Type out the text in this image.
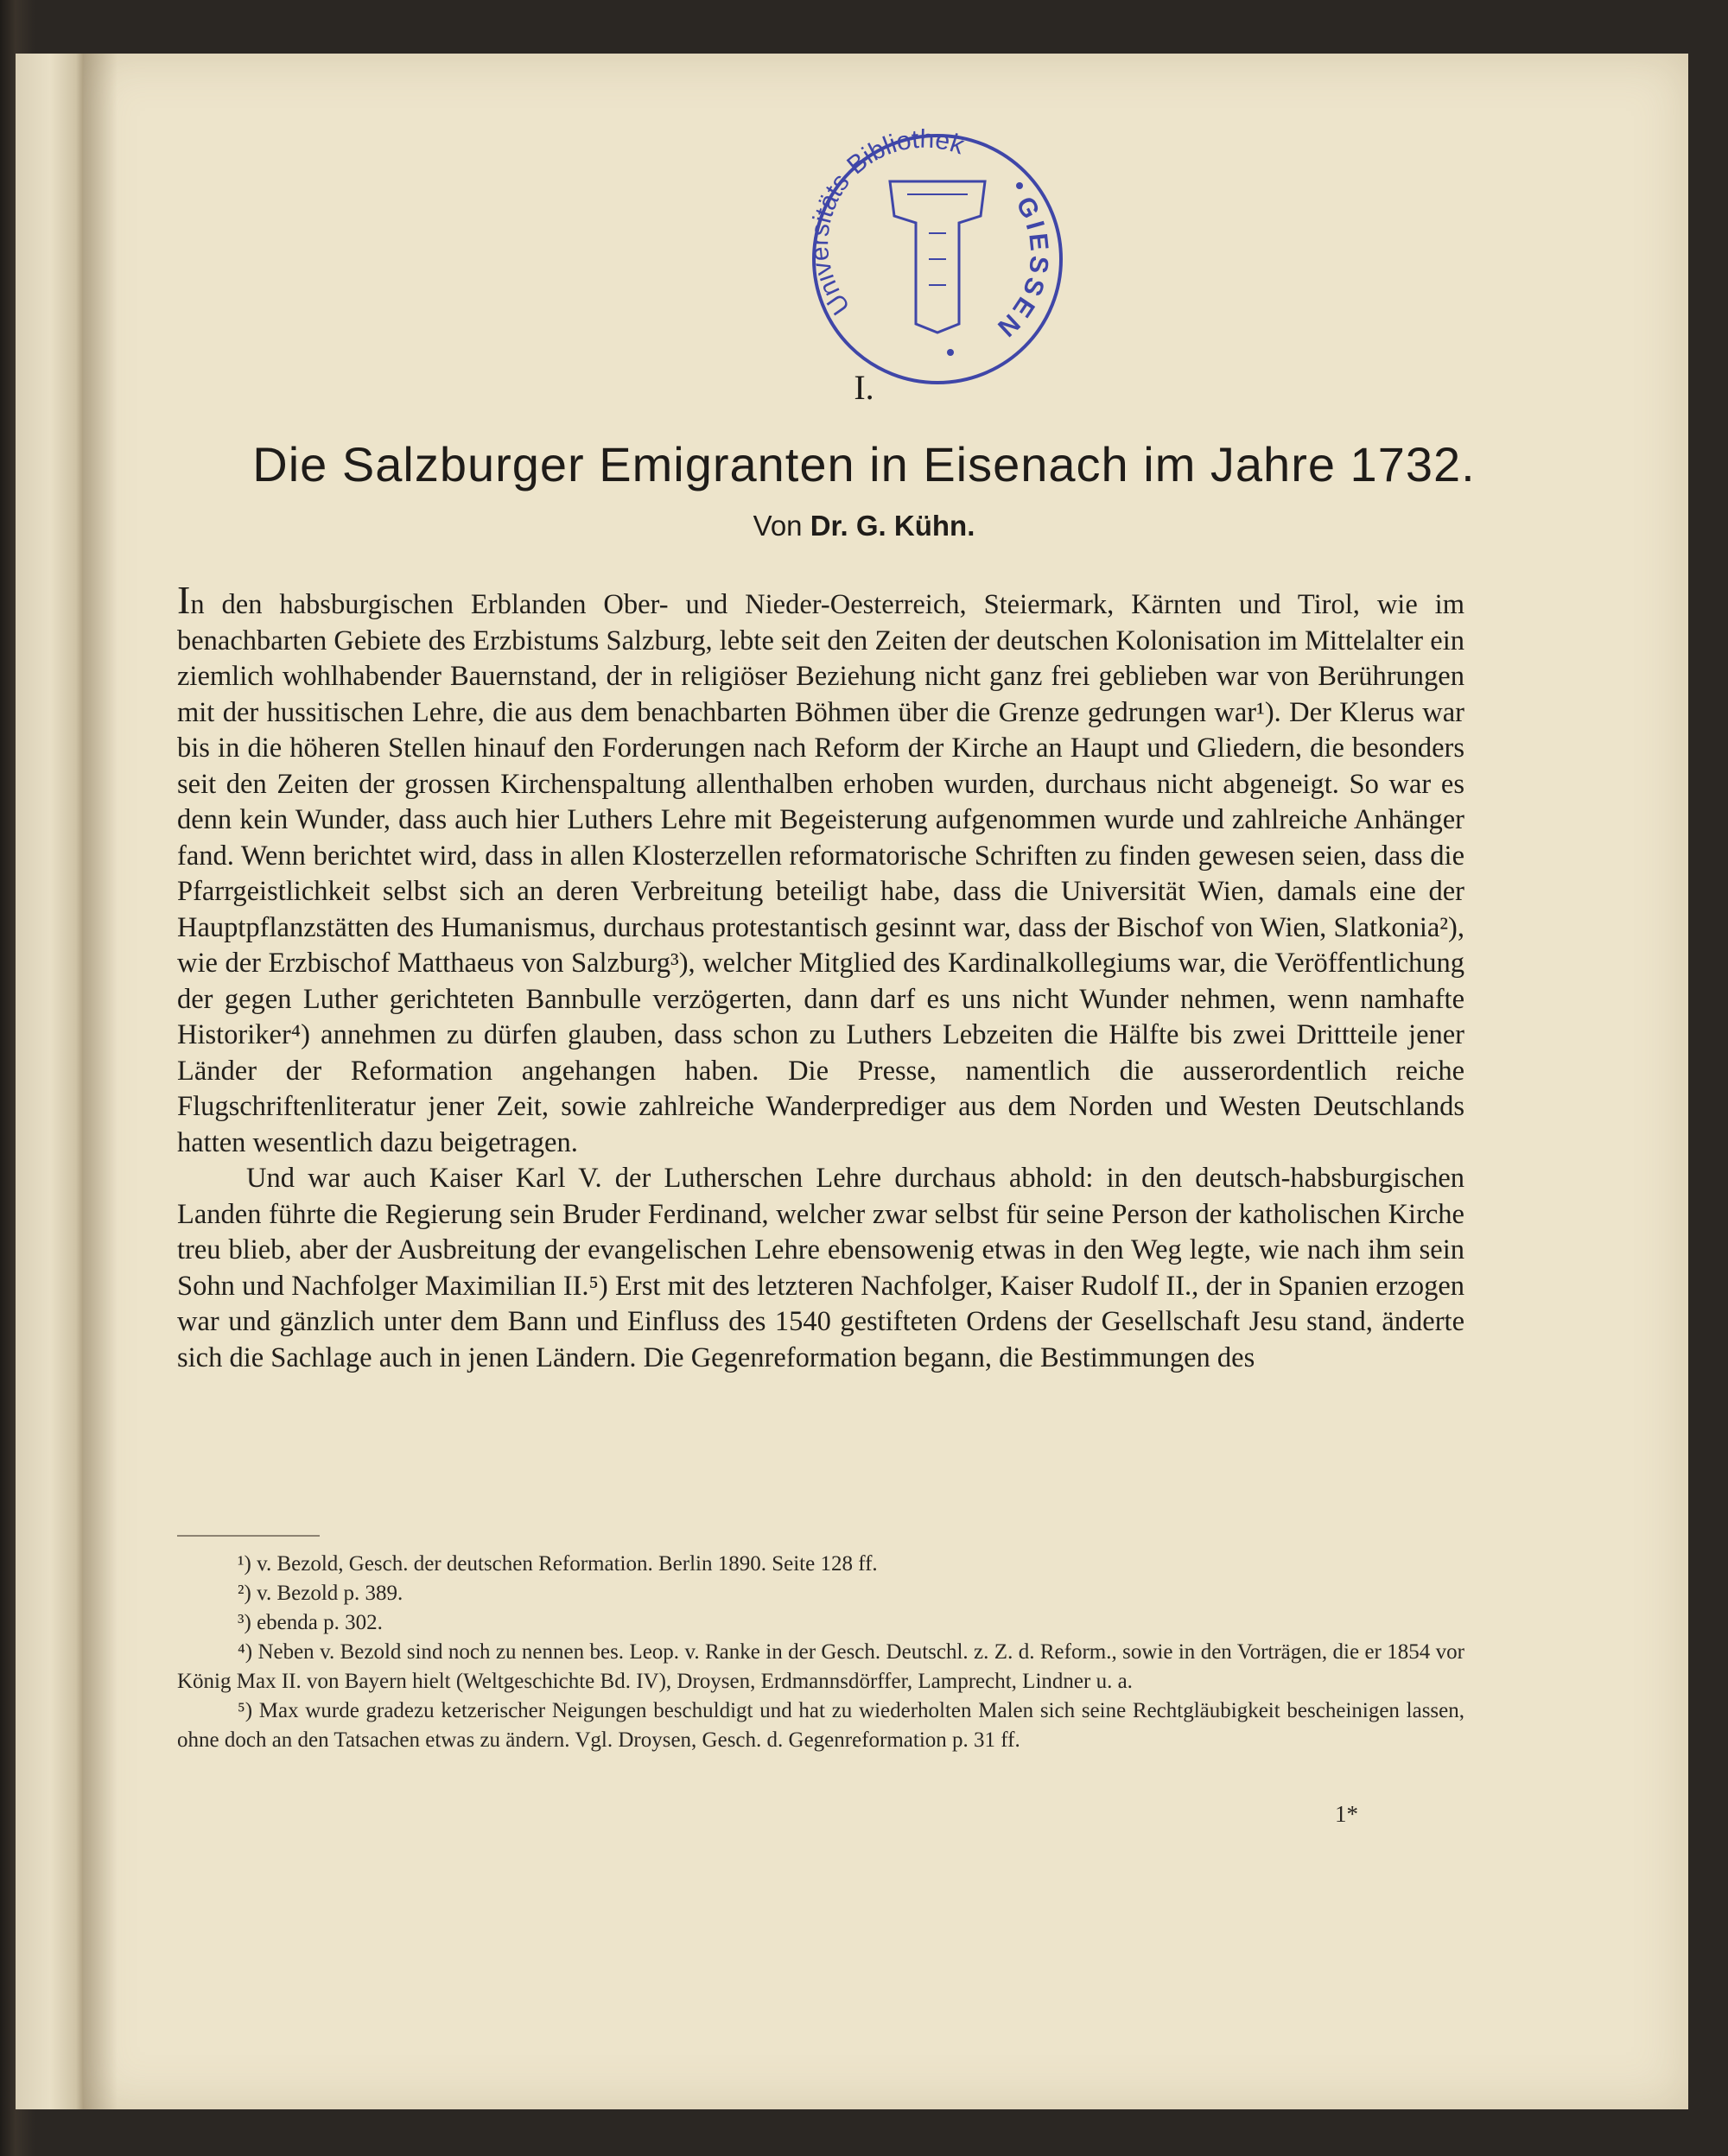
Universitäts-Bibliothek
GIESSEN
I.
Die Salzburger Emigranten in Eisenach im Jahre 1732.
Von Dr. G. Kühn.

In den habsburgischen Erblanden Ober- und Nieder-Oesterreich, Steiermark, Kärnten und Tirol, wie im benachbarten Gebiete des Erzbistums Salzburg, lebte seit den Zeiten der deutschen Kolonisation im Mittelalter ein ziemlich wohlhabender Bauernstand, der in religiöser Beziehung nicht ganz frei geblieben war von Berührungen mit der hussitischen Lehre, die aus dem benachbarten Böhmen über die Grenze gedrungen war¹). Der Klerus war bis in die höheren Stellen hinauf den Forderungen nach Reform der Kirche an Haupt und Gliedern, die besonders seit den Zeiten der grossen Kirchenspaltung allenthalben erhoben wurden, durchaus nicht abgeneigt. So war es denn kein Wunder, dass auch hier Luthers Lehre mit Begeisterung aufgenommen wurde und zahlreiche Anhänger fand. Wenn berichtet wird, dass in allen Klosterzellen reformatorische Schriften zu finden gewesen seien, dass die Pfarrgeistlichkeit selbst sich an deren Verbreitung beteiligt habe, dass die Universität Wien, damals eine der Hauptpflanzstätten des Humanismus, durchaus protestantisch gesinnt war, dass der Bischof von Wien, Slatkonia²), wie der Erzbischof Matthaeus von Salzburg³), welcher Mitglied des Kardinalkollegiums war, die Veröffentlichung der gegen Luther gerichteten Bannbulle verzögerten, dann darf es uns nicht Wunder nehmen, wenn namhafte Historiker⁴) annehmen zu dürfen glauben, dass schon zu Luthers Lebzeiten die Hälfte bis zwei Drittteile jener Länder der Reformation angehangen haben. Die Presse, namentlich die ausserordentlich reiche Flugschriftenliteratur jener Zeit, sowie zahlreiche Wanderprediger aus dem Norden und Westen Deutschlands hatten wesentlich dazu beigetragen.

Und war auch Kaiser Karl V. der Lutherschen Lehre durchaus abhold: in den deutsch-habsburgischen Landen führte die Regierung sein Bruder Ferdinand, welcher zwar selbst für seine Person der katholischen Kirche treu blieb, aber der Ausbreitung der evangelischen Lehre ebensowenig etwas in den Weg legte, wie nach ihm sein Sohn und Nachfolger Maximilian II.⁵) Erst mit des letzteren Nachfolger, Kaiser Rudolf II., der in Spanien erzogen war und gänzlich unter dem Bann und Einfluss des 1540 gestifteten Ordens der Gesellschaft Jesu stand, änderte sich die Sachlage auch in jenen Ländern. Die Gegenreformation begann, die Bestimmungen des

¹) v. Bezold, Gesch. der deutschen Reformation. Berlin 1890. Seite 128 ff.
²) v. Bezold p. 389.
³) ebenda p. 302.
⁴) Neben v. Bezold sind noch zu nennen bes. Leop. v. Ranke in der Gesch. Deutschl. z. Z. d. Reform., sowie in den Vorträgen, die er 1854 vor König Max II. von Bayern hielt (Weltgeschichte Bd. IV), Droysen, Erdmannsdörffer, Lamprecht, Lindner u. a.
⁵) Max wurde gradezu ketzerischer Neigungen beschuldigt und hat zu wiederholten Malen sich seine Rechtgläubigkeit bescheinigen lassen, ohne doch an den Tatsachen etwas zu ändern. Vgl. Droysen, Gesch. d. Gegenreformation p. 31 ff.
1*
